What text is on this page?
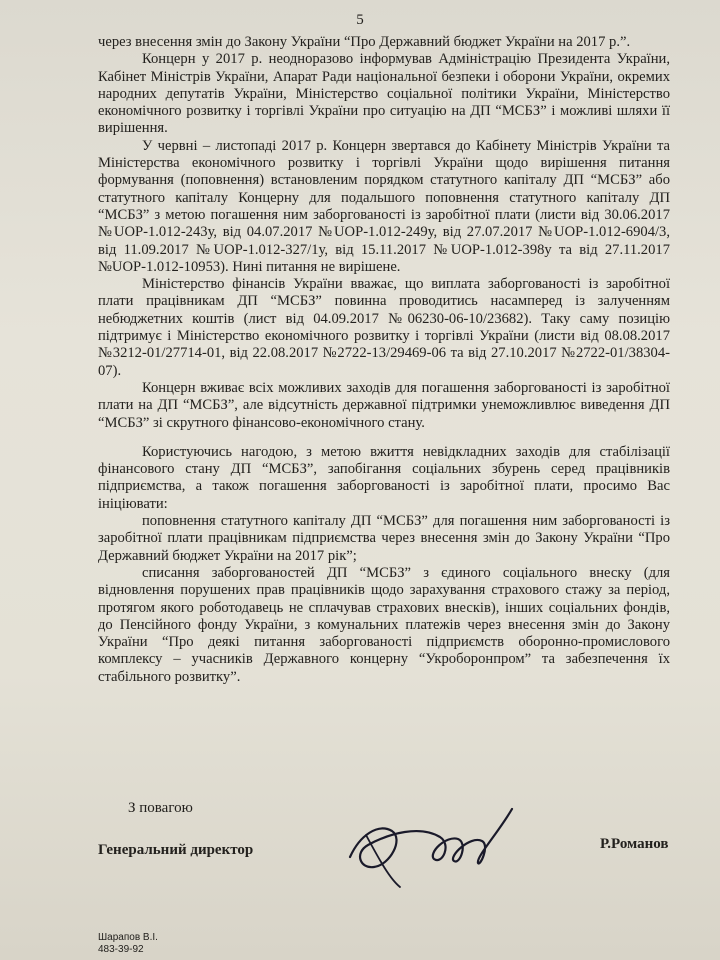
5

через внесення змін до Закону України “Про Державний бюджет України на 2017 р.”.

Концерн у 2017 р. неодноразово інформував Адміністрацію Президента України, Кабінет Міністрів України, Апарат Ради національної безпеки і оборони України, окремих народних депутатів України, Міністерство соціальної політики України, Міністерство економічного розвитку і торгівлі України про ситуацію на ДП “МСБЗ” і можливі шляхи її вирішення.

У червні – листопаді 2017 р. Концерн звертався до Кабінету Міністрів України та Міністерства економічного розвитку і торгівлі України щодо вирішення питання формування (поповнення) встановленим порядком статутного капіталу ДП “МСБЗ” або статутного капіталу Концерну для подальшого поповнення статутного капіталу ДП “МСБЗ” з метою погашення ним заборгованості із заробітної плати (листи від 30.06.2017 №UOP-1.012-243у, від 04.07.2017 №UOP-1.012-249у, від 27.07.2017 №UOP-1.012-6904/3, від 11.09.2017 №UOP-1.012-327/1у, від 15.11.2017 №UOP-1.012-398у та від 27.11.2017 №UOP-1.012-10953). Нині питання не вирішене.

Міністерство фінансів України вважає, що виплата заборгованості із заробітної плати працівникам ДП “МСБЗ” повинна проводитись насамперед із залученням небюджетних коштів (лист від 04.09.2017 №06230-06-10/23682). Таку саму позицію підтримує і Міністерство економічного розвитку і торгівлі України (листи від 08.08.2017 №3212-01/27714-01, від 22.08.2017 №2722-13/29469-06 та від 27.10.2017 №2722-01/38304-07).

Концерн вживає всіх можливих заходів для погашення заборгованості із заробітної плати на ДП “МСБЗ”, але відсутність державної підтримки унеможливлює виведення ДП “МСБЗ” зі скрутного фінансово-економічного стану.

Користуючись нагодою, з метою вжиття невідкладних заходів для стабілізації фінансового стану ДП “МСБЗ”, запобігання соціальних збурень серед працівників підприємства, а також погашення заборгованості із заробітної плати, просимо Вас ініціювати:

поповнення статутного капіталу ДП “МСБЗ” для погашення ним заборгованості із заробітної плати працівникам підприємства через внесення змін до Закону України “Про Державний бюджет України на 2017 рік”;

списання заборгованостей ДП “МСБЗ” з єдиного соціального внеску (для відновлення порушених прав працівників щодо зарахування страхового стажу за період, протягом якого роботодавець не сплачував страхових внесків), інших соціальних фондів, до Пенсійного фонду України, з комунальних платежів через внесення змін до Закону України “Про деякі питання заборгованості підприємств оборонно-промислового комплексу – учасників Державного концерну “Укроборонпром” та забезпечення їх стабільного розвитку”.

З повагою
Генеральний директор	Р.Романов
Шарапов В.І.
483-39-92
